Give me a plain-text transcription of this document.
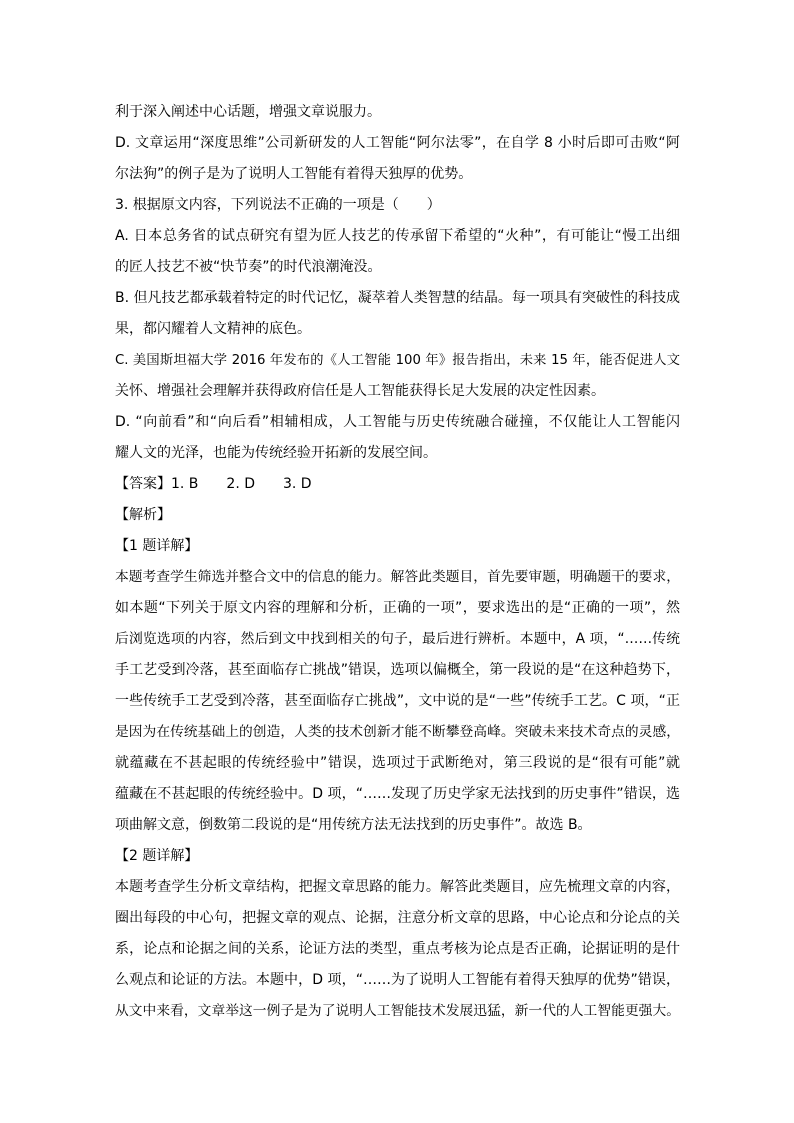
利于深入阐述中心话题，增强文章说服力。
D. 文章运用“深度思维”公司新研发的人工智能“阿尔法零”，在自学 8 小时后即可击败“阿
尔法狗”的例子是为了说明人工智能有着得天独厚的优势。
3. 根据原文内容，下列说法不正确的一项是（　　）
A. 日本总务省的试点研究有望为匠人技艺的传承留下希望的“火种”，有可能让“慢工出细
的匠人技艺不被“快节奏”的时代浪潮淹没。
B. 但凡技艺都承载着特定的时代记忆，凝萃着人类智慧的结晶。每一项具有突破性的科技成
果，都闪耀着人文精神的底色。
C. 美国斯坦福大学 2016 年发布的《人工智能 100 年》报告指出，未来 15 年，能否促进人文
关怀、增强社会理解并获得政府信任是人工智能获得长足大发展的决定性因素。
D. “向前看”和“向后看”相辅相成，人工智能与历史传统融合碰撞，不仅能让人工智能闪
耀人文的光泽，也能为传统经验开拓新的发展空间。
【答案】1. B　　2. D　　3. D
【解析】
【1 题详解】
本题考查学生筛选并整合文中的信息的能力。解答此类题目，首先要审题，明确题干的要求，
如本题“下列关于原文内容的理解和分析，正确的一项”，要求选出的是“正确的一项”，然
后浏览选项的内容，然后到文中找到相关的句子，最后进行辨析。本题中，A 项，“……传统
手工艺受到冷落，甚至面临存亡挑战”错误，选项以偏概全，第一段说的是“在这种趋势下，
一些传统手工艺受到冷落，甚至面临存亡挑战”，文中说的是“一些”传统手工艺。C 项，“正
是因为在传统基础上的创造，人类的技术创新才能不断攀登高峰。突破未来技术奇点的灵感，
就蕴藏在不甚起眼的传统经验中”错误，选项过于武断绝对，第三段说的是“很有可能”就
蕴藏在不甚起眼的传统经验中。D 项，“……发现了历史学家无法找到的历史事件”错误，选
项曲解文意，倒数第二段说的是“用传统方法无法找到的历史事件”。故选 B。
【2 题详解】
本题考查学生分析文章结构，把握文章思路的能力。解答此类题目，应先梳理文章的内容，
圈出每段的中心句，把握文章的观点、论据，注意分析文章的思路，中心论点和分论点的关
系，论点和论据之间的关系，论证方法的类型，重点考核为论点是否正确，论据证明的是什
么观点和论证的方法。本题中，D 项，“……为了说明人工智能有着得天独厚的优势”错误，
从文中来看，文章举这一例子是为了说明人工智能技术发展迅猛，新一代的人工智能更强大。
